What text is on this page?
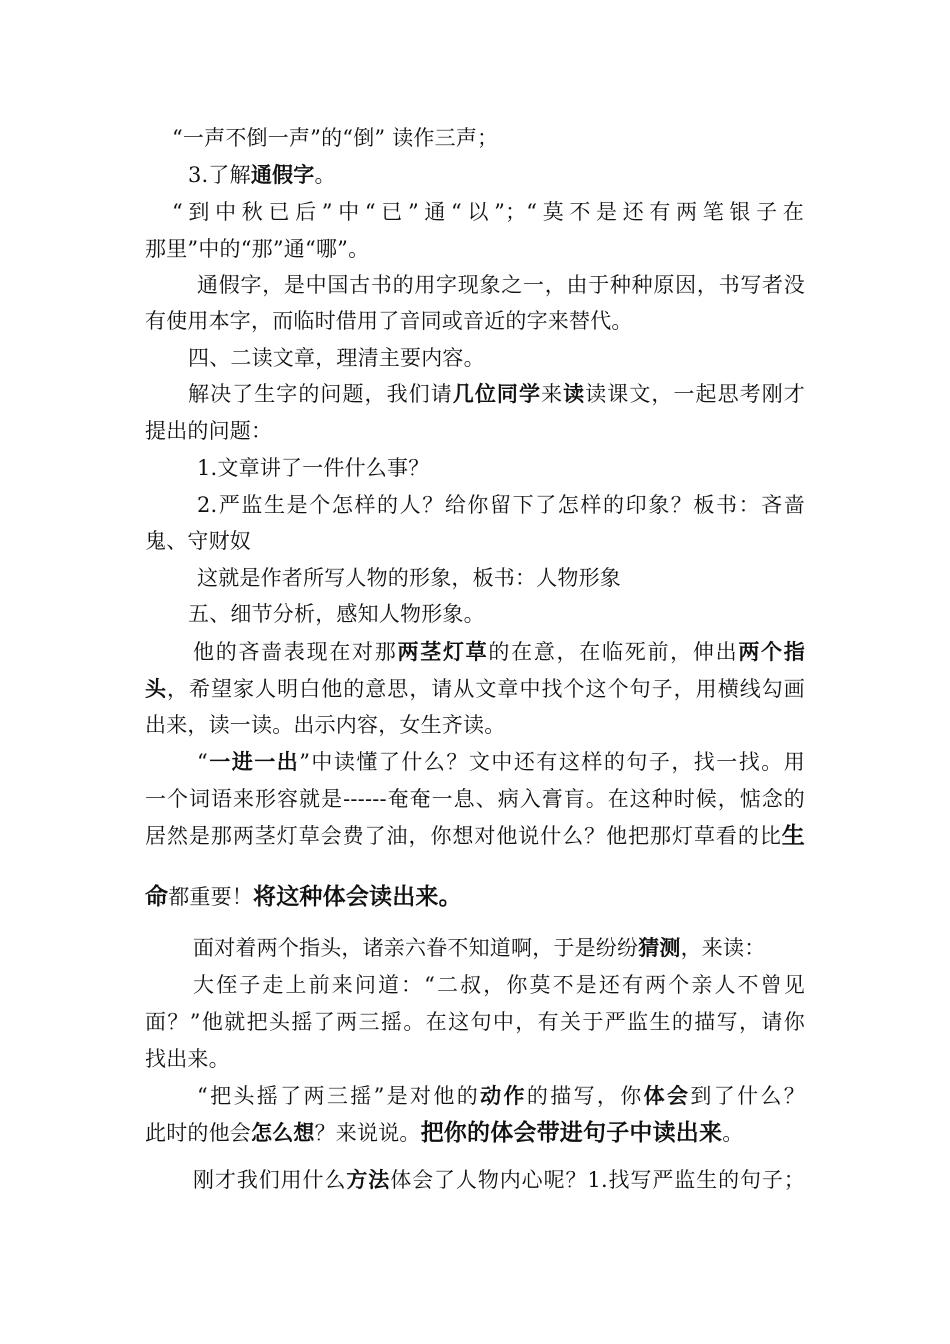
“一声不倒一声”的“倒” 读作三声；
3.了解通假字。
“到中秋已后”中“已”通“以”；“莫不是还有两笔银子在
那里”中的“那”通“哪”。
通假字，是中国古书的用字现象之一，由于种种原因，书写者没
有使用本字，而临时借用了音同或音近的字来替代。
四、二读文章，理清主要内容。
解决了生字的问题，我们请几位同学来读读课文，一起思考刚才
提出的问题：
1.文章讲了一件什么事？
2.严监生是个怎样的人？给你留下了怎样的印象？板书：吝啬
鬼、守财奴
这就是作者所写人物的形象，板书：人物形象
五、细节分析，感知人物形象。
他的吝啬表现在对那两茎灯草的在意，在临死前，伸出两个指
头，希望家人明白他的意思，请从文章中找个这个句子，用横线勾画
出来，读一读。出示内容，女生齐读。
“一进一出”中读懂了什么？文中还有这样的句子，找一找。用
一个词语来形容就是------奄奄一息、病入膏肓。在这种时候，惦念的
居然是那两茎灯草会费了油，你想对他说什么？他把那灯草看的比生
命都重要！将这种体会读出来。
面对着两个指头，诸亲六眷不知道啊，于是纷纷猜测，来读：
大侄子走上前来问道：“二叔，你莫不是还有两个亲人不曾见
面？”他就把头摇了两三摇。在这句中，有关于严监生的描写，请你
找出来。
“把头摇了两三摇”是对他的动作的描写，你体会到了什么？
此时的他会怎么想？来说说。把你的体会带进句子中读出来。
刚才我们用什么方法体会了人物内心呢？1.找写严监生的句子；
